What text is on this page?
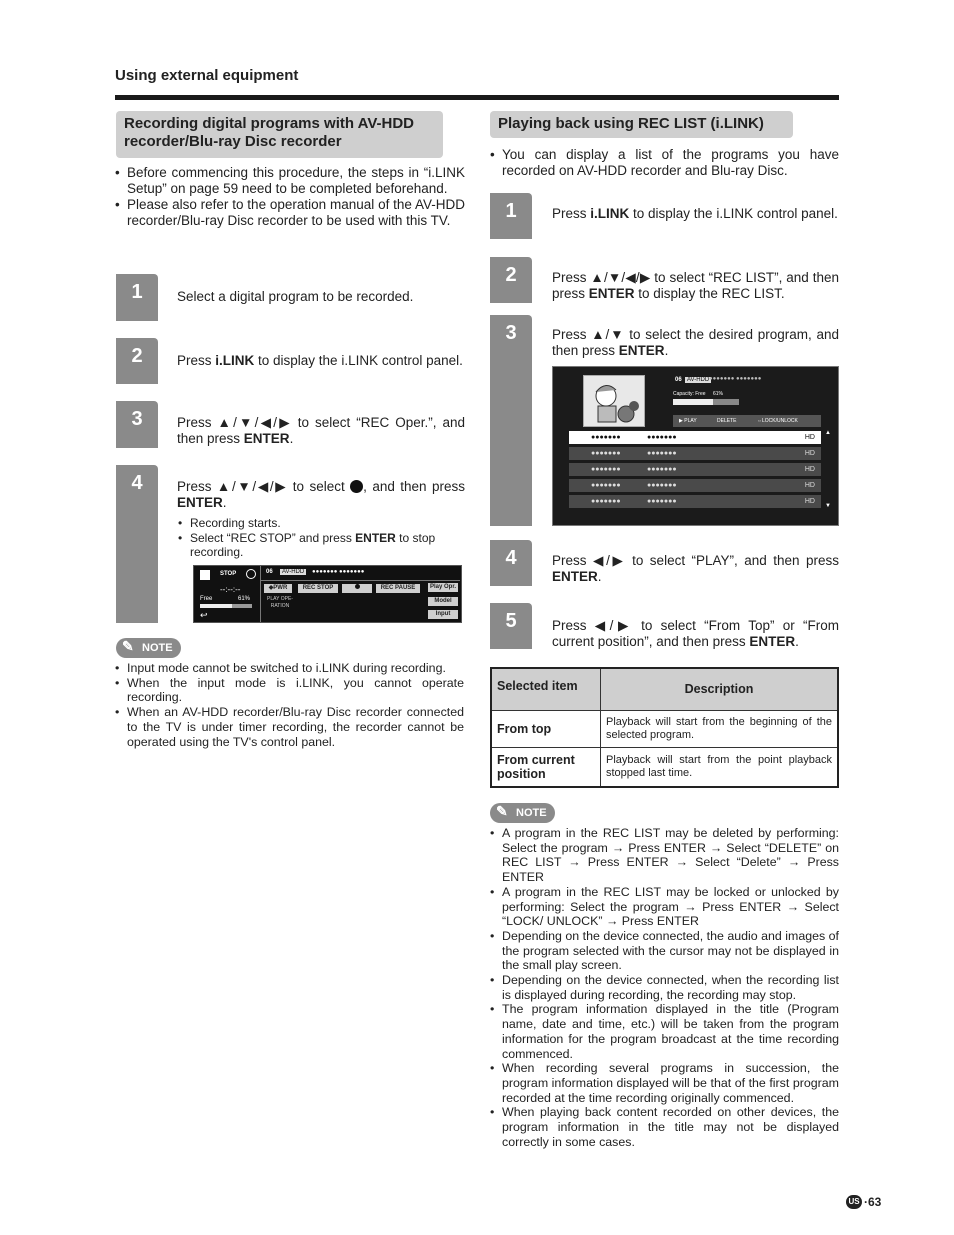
Using external equipment
Recording digital programs with AV-HDD recorder/Blu-ray Disc recorder
• Before commencing this procedure, the steps in “i.LINK Setup” on page 59 need to be completed beforehand.
• Please also refer to the operation manual of the AV-HDD recorder/Blu-ray Disc recorder to be used with this TV.
1	Select a digital program to be recorded.
2	Press i.LINK to display the i.LINK control panel.
3	Press ▲/▼/◀/▶ to select “REC Oper.”, and then press ENTER.
4	Press ▲/▼/◀/▶ to select , and then press ENTER.
• Recording starts.
• Select “REC STOP” and press ENTER to stop recording.
STOP
--:--:--
Free	61%
↩
06	AV-HDD	●●●●●●● ●●●●●●●
◆PWR	REC STOP	REC PAUSE
PLAY OPE- RATION
Play Opr.
Model
Input
✎ NOTE
• Input mode cannot be switched to i.LINK during recording.
• When the input mode is i.LINK, you cannot operate recording.
• When an AV-HDD recorder/Blu-ray Disc recorder connected to the TV is under timer recording, the recorder cannot be operated using the TV's control panel.
Playing back using REC LIST (i.LINK)
• You can display a list of the programs you have recorded on AV-HDD recorder and Blu-ray Disc.
1	Press i.LINK to display the i.LINK control panel.
2	Press ▲/▼/◀/▶ to select “REC LIST”, and then press ENTER to display the REC LIST.
3	Press ▲/▼ to select the desired program, and then press ENTER.
06 AV-HDD ●●●●●●● ●●●●●●●
Capacity: Free 61%
▶ PLAY	DELETE	⇔LOCK/UNLOCK
●●●●●●●	●●●●●●●	HD
●●●●●●●	●●●●●●●	HD
●●●●●●●	●●●●●●●	HD
●●●●●●●	●●●●●●●	HD
●●●●●●●	●●●●●●●	HD
▲
▼
4	Press ◀/▶ to select “PLAY”, and then press ENTER.
5	Press ◀/▶ to select “From Top” or “From current position”, and then press ENTER.
Selected item	Description
From top	Playback will start from the beginning of the selected program.
From current position	Playback will start from the point playback stopped last time.
✎ NOTE
• A program in the REC LIST may be deleted by performing: Select the program → Press ENTER → Select “DELETE” on REC LIST → Press ENTER → Select “Delete” → Press ENTER
• A program in the REC LIST may be locked or unlocked by performing: Select the program → Press ENTER → Select “LOCK/ UNLOCK” → Press ENTER
• Depending on the device connected, the audio and images of the program selected with the cursor may not be displayed in the small play screen.
• Depending on the device connected, when the recording list is displayed during recording, the recording may stop.
• The program information displayed in the title (Program name, date and time, etc.) will be taken from the program information for the program broadcast at the time recording commenced.
• When recording several programs in succession, the program information displayed will be that of the first program recorded at the time recording originally commenced.
• When playing back content recorded on other devices, the program information in the title may not be displayed correctly in some cases.
US ·63
